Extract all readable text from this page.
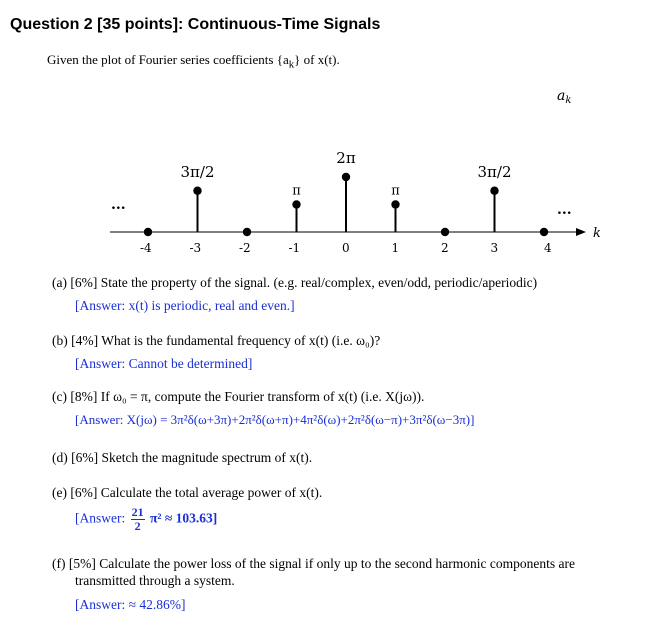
Question 2 [35 points]: Continuous-Time Signals
Given the plot of Fourier series coefficients $\{a_k\}$ of x(t).
k
...	...
$a_k$
-4	-3
3π/2
-2	-1
π
0
2π
1
π
2	3
3π/2
4
(a) [6%] State the property of the signal. (e.g. real/complex, even/odd, periodic/aperiodic)
[Answer: x(t) is periodic, real and even.]
(b) [4%] What is the fundamental frequency of x(t) (i.e. ω₀)?
[Answer: Cannot be determined]
(c) [8%] If ω₀ = π, compute the Fourier transform of x(t) (i.e. X(jω)).
[Answer: X(jω) = 3π²δ(ω+3π)+2π²δ(ω+π)+4π²δ(ω)+2π²δ(ω−π)+3π²δ(ω−3π)]
(d) [6%] Sketch the magnitude spectrum of x(t).
(e) [6%] Calculate the total average power of x(t).
[Answer: $\frac{21}{2} \pi^2 \approx 103.63$]
(f) [5%] Calculate the power loss of the signal if only up to the second harmonic components are
transmitted through a system.
[Answer: ≈ 42.86%]
